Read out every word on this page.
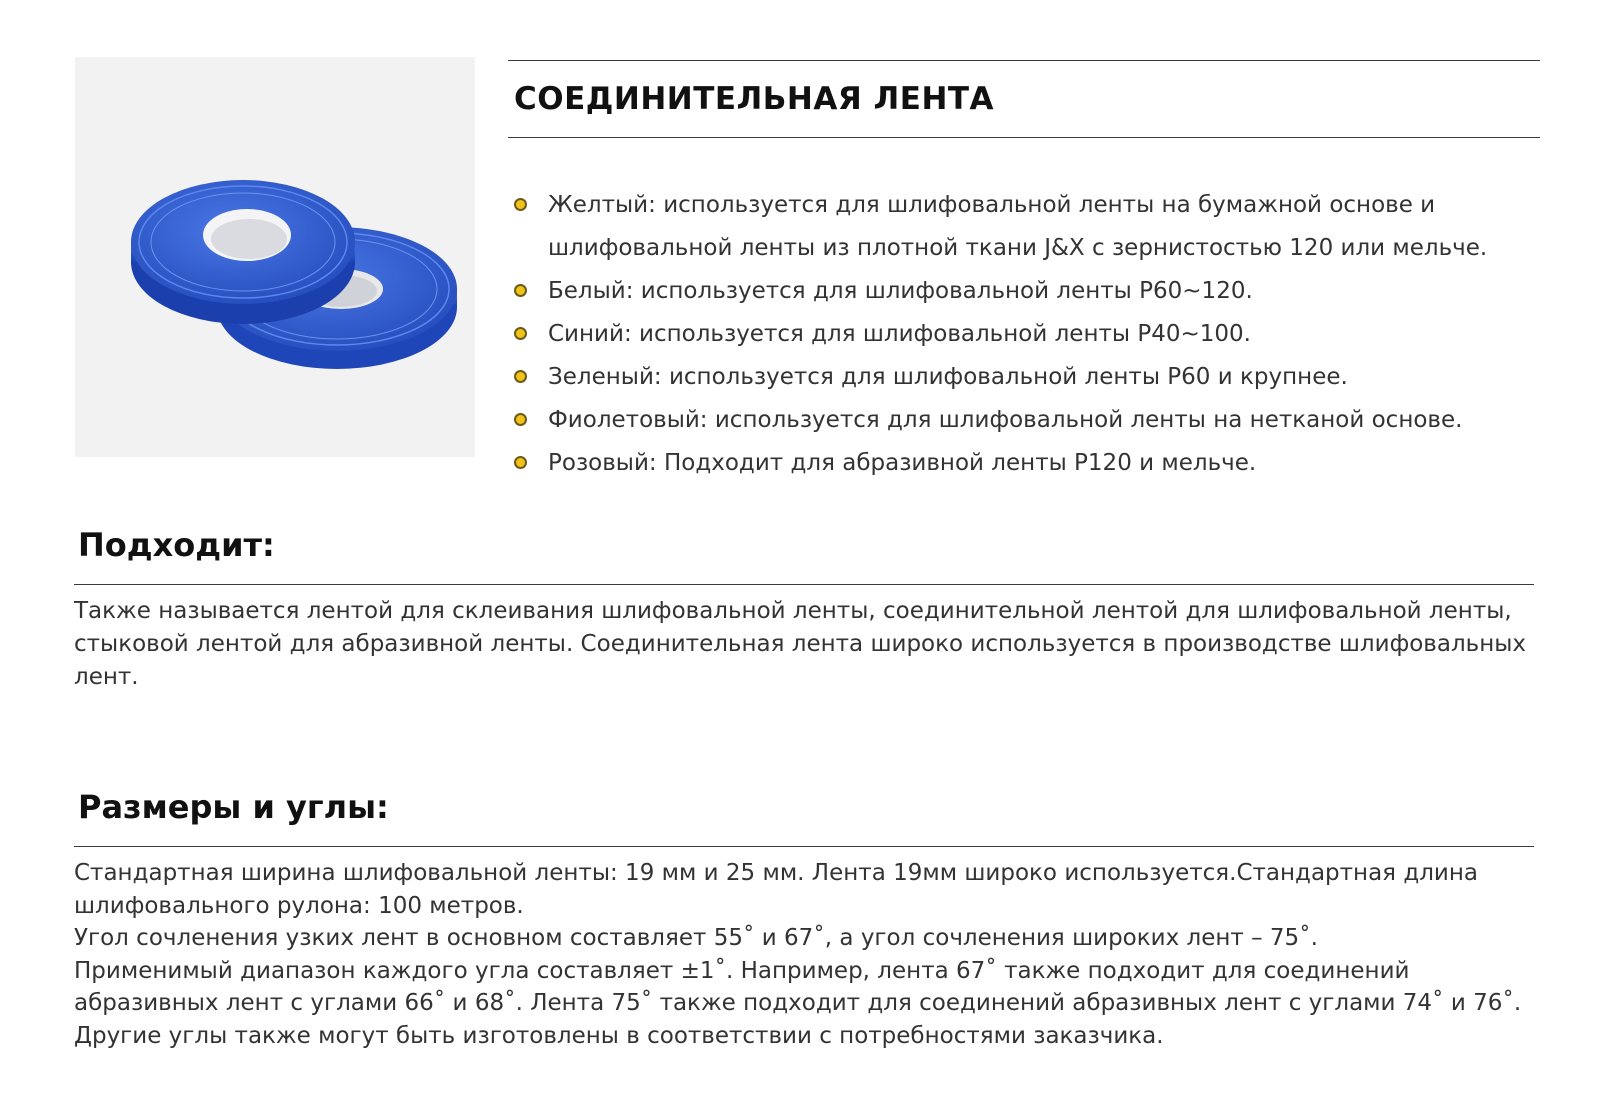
СОЕДИНИТЕЛЬНАЯ ЛЕНТА
Желтый: используется для шлифовальной ленты на бумажной основе и шлифовальной ленты из плотной ткани J&X с зернистостью 120 или мельче.
Белый: используется для шлифовальной ленты P60~120.
Синий: используется для шлифовальной ленты P40~100.
Зеленый: используется для шлифовальной ленты P60 и крупнее.
Фиолетовый: используется для шлифовальной ленты на нетканой основе.
Розовый: Подходит для абразивной ленты P120 и мельче.
Подходит:

Также называется лентой для склеивания шлифовальной ленты, соединительной лентой для шлифовальной ленты, стыковой лентой для абразивной ленты. Соединительная лента широко используется в производстве шлифовальных лент.

Размеры и углы:

Стандартная ширина шлифовальной ленты: 19 мм и 25 мм. Лента 19мм широко используется.Стандартная длина шлифовального рулона: 100 метров.

Угол сочленения узких лент в основном составляет 55˚ и 67˚, а угол сочленения широких лент – 75˚.

Применимый диапазон каждого угла составляет ±1˚. Например, лента 67˚ также подходит для соединений абразивных лент с углами 66˚ и 68˚. Лента 75˚ также подходит для соединений абразивных лент с углами 74˚ и 76˚.

Другие углы также могут быть изготовлены в соответствии с потребностями заказчика.
